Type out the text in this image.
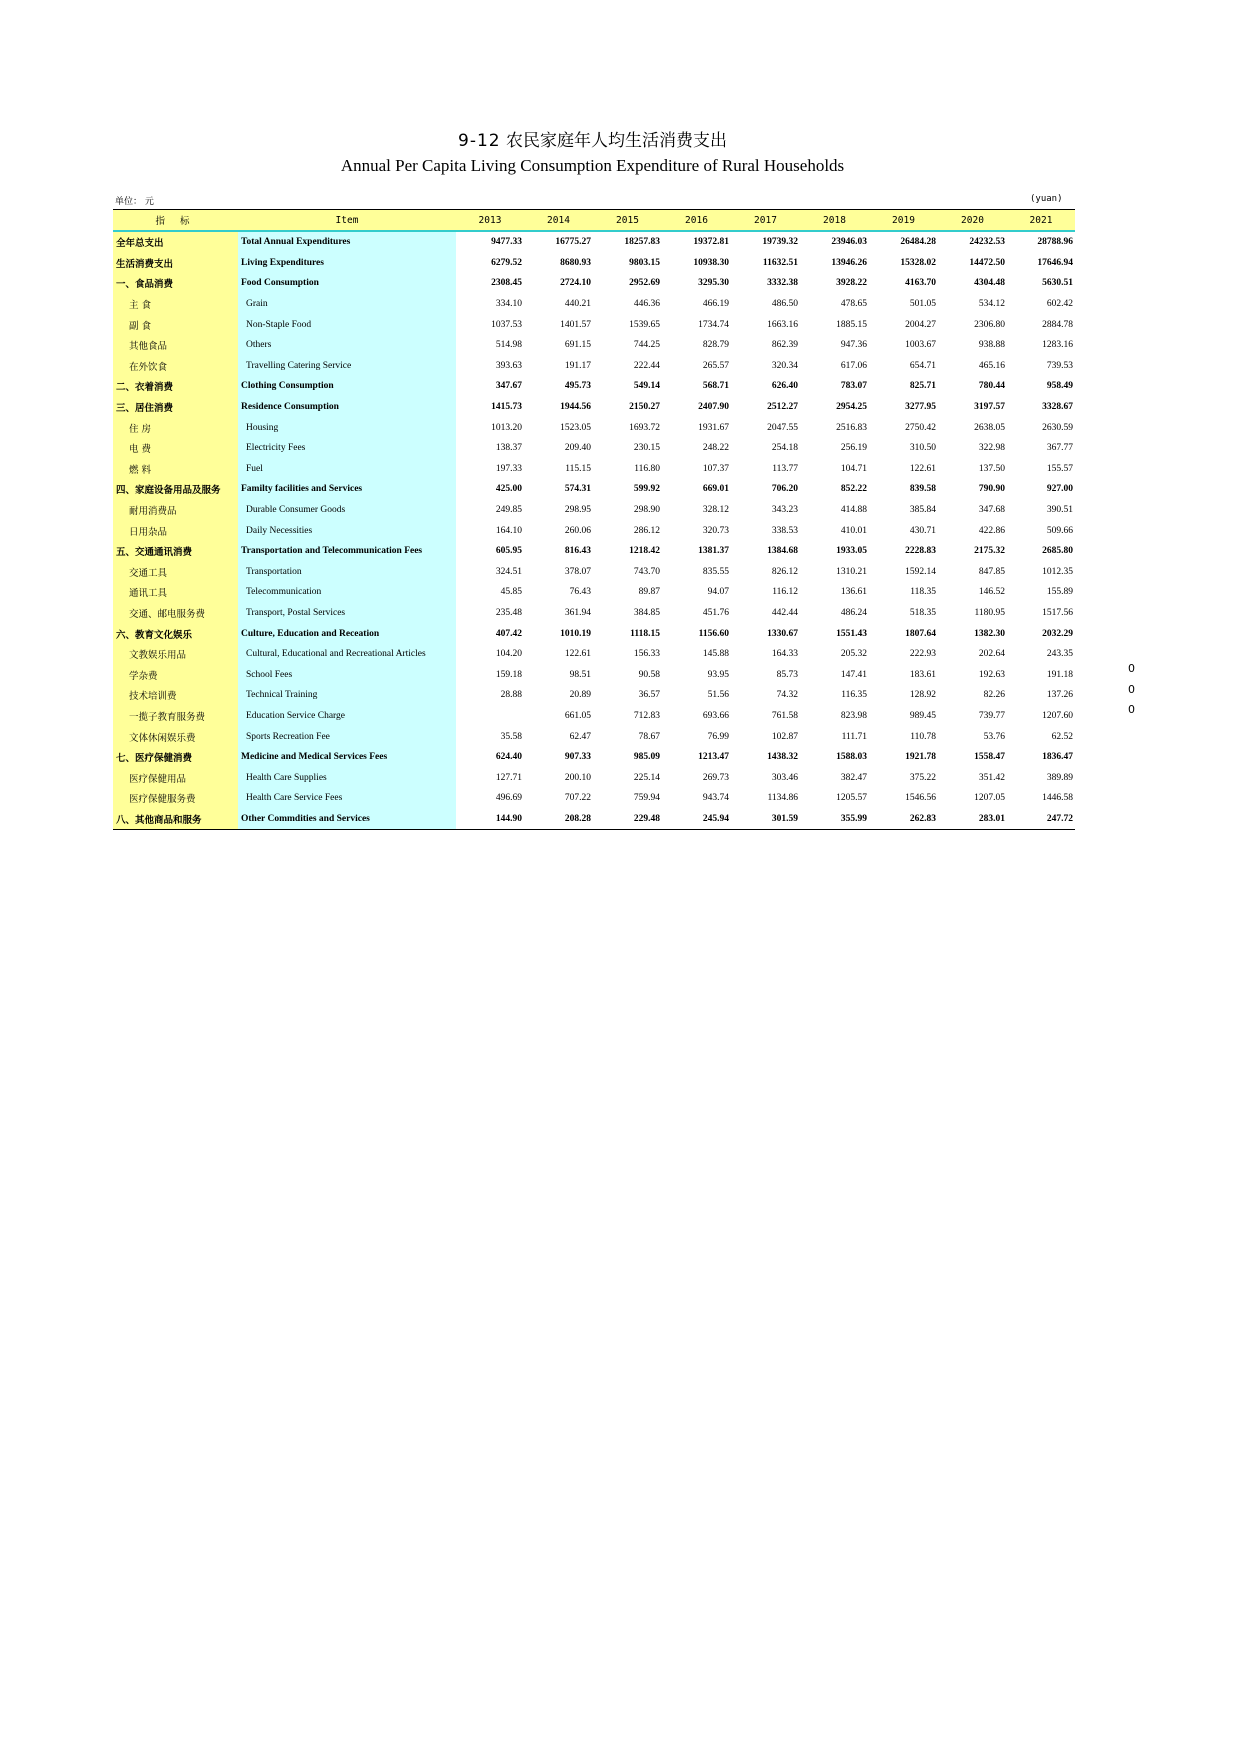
9-12 农民家庭年人均生活消费支出
Annual Per Capita Living Consumption Expenditure of Rural Households
单位： 元	(yuan)
指 标	Item	2013	2014	2015	2016	2017	2018	2019	2020	2021
全年总支出	Total Annual Expenditures	9477.33	16775.27	18257.83	19372.81	19739.32	23946.03	26484.28	24232.53	28788.96
生活消费支出	Living Expenditures	6279.52	8680.93	9803.15	10938.30	11632.51	13946.26	15328.02	14472.50	17646.94
一、食品消费	Food Consumption	2308.45	2724.10	2952.69	3295.30	3332.38	3928.22	4163.70	4304.48	5630.51
主 食	Grain	334.10	440.21	446.36	466.19	486.50	478.65	501.05	534.12	602.42
副 食	Non-Staple Food	1037.53	1401.57	1539.65	1734.74	1663.16	1885.15	2004.27	2306.80	2884.78
其他食品	Others	514.98	691.15	744.25	828.79	862.39	947.36	1003.67	938.88	1283.16
在外饮食	Travelling Catering Service	393.63	191.17	222.44	265.57	320.34	617.06	654.71	465.16	739.53
二、衣着消费	Clothing Consumption	347.67	495.73	549.14	568.71	626.40	783.07	825.71	780.44	958.49
三、居住消费	Residence Consumption	1415.73	1944.56	2150.27	2407.90	2512.27	2954.25	3277.95	3197.57	3328.67
住 房	Housing	1013.20	1523.05	1693.72	1931.67	2047.55	2516.83	2750.42	2638.05	2630.59
电 费	Electricity Fees	138.37	209.40	230.15	248.22	254.18	256.19	310.50	322.98	367.77
燃 料	Fuel	197.33	115.15	116.80	107.37	113.77	104.71	122.61	137.50	155.57
四、家庭设备用品及服务	Familty facilities and Services	425.00	574.31	599.92	669.01	706.20	852.22	839.58	790.90	927.00
耐用消费品	Durable Consumer Goods	249.85	298.95	298.90	328.12	343.23	414.88	385.84	347.68	390.51
日用杂品	Daily Necessities	164.10	260.06	286.12	320.73	338.53	410.01	430.71	422.86	509.66
五、交通通讯消费	Transportation and Telecommunication Fees	605.95	816.43	1218.42	1381.37	1384.68	1933.05	2228.83	2175.32	2685.80
交通工具	Transportation	324.51	378.07	743.70	835.55	826.12	1310.21	1592.14	847.85	1012.35
通讯工具	Telecommunication	45.85	76.43	89.87	94.07	116.12	136.61	118.35	146.52	155.89
交通、邮电服务费	Transport, Postal Services	235.48	361.94	384.85	451.76	442.44	486.24	518.35	1180.95	1517.56
六、教育文化娱乐	Culture, Education and Receation	407.42	1010.19	1118.15	1156.60	1330.67	1551.43	1807.64	1382.30	2032.29
文教娱乐用品	Cultural, Educational and Recreational Articles	104.20	122.61	156.33	145.88	164.33	205.32	222.93	202.64	243.35
学杂费	School Fees	159.18	98.51	90.58	93.95	85.73	147.41	183.61	192.63	191.18
技术培训费	Technical Training	28.88	20.89	36.57	51.56	74.32	116.35	128.92	82.26	137.26
一揽子教育服务费	Education Service Charge		661.05	712.83	693.66	761.58	823.98	989.45	739.77	1207.60
文体休闲娱乐费	Sports Recreation Fee	35.58	62.47	78.67	76.99	102.87	111.71	110.78	53.76	62.52
七、医疗保健消费	Medicine and Medical Services Fees	624.40	907.33	985.09	1213.47	1438.32	1588.03	1921.78	1558.47	1836.47
医疗保健用品	Health Care Supplies	127.71	200.10	225.14	269.73	303.46	382.47	375.22	351.42	389.89
医疗保健服务费	Health Care Service Fees	496.69	707.22	759.94	943.74	1134.86	1205.57	1546.56	1207.05	1446.58
八、其他商品和服务	Other Commdities and Services	144.90	208.28	229.48	245.94	301.59	355.99	262.83	283.01	247.72
0
0
0
